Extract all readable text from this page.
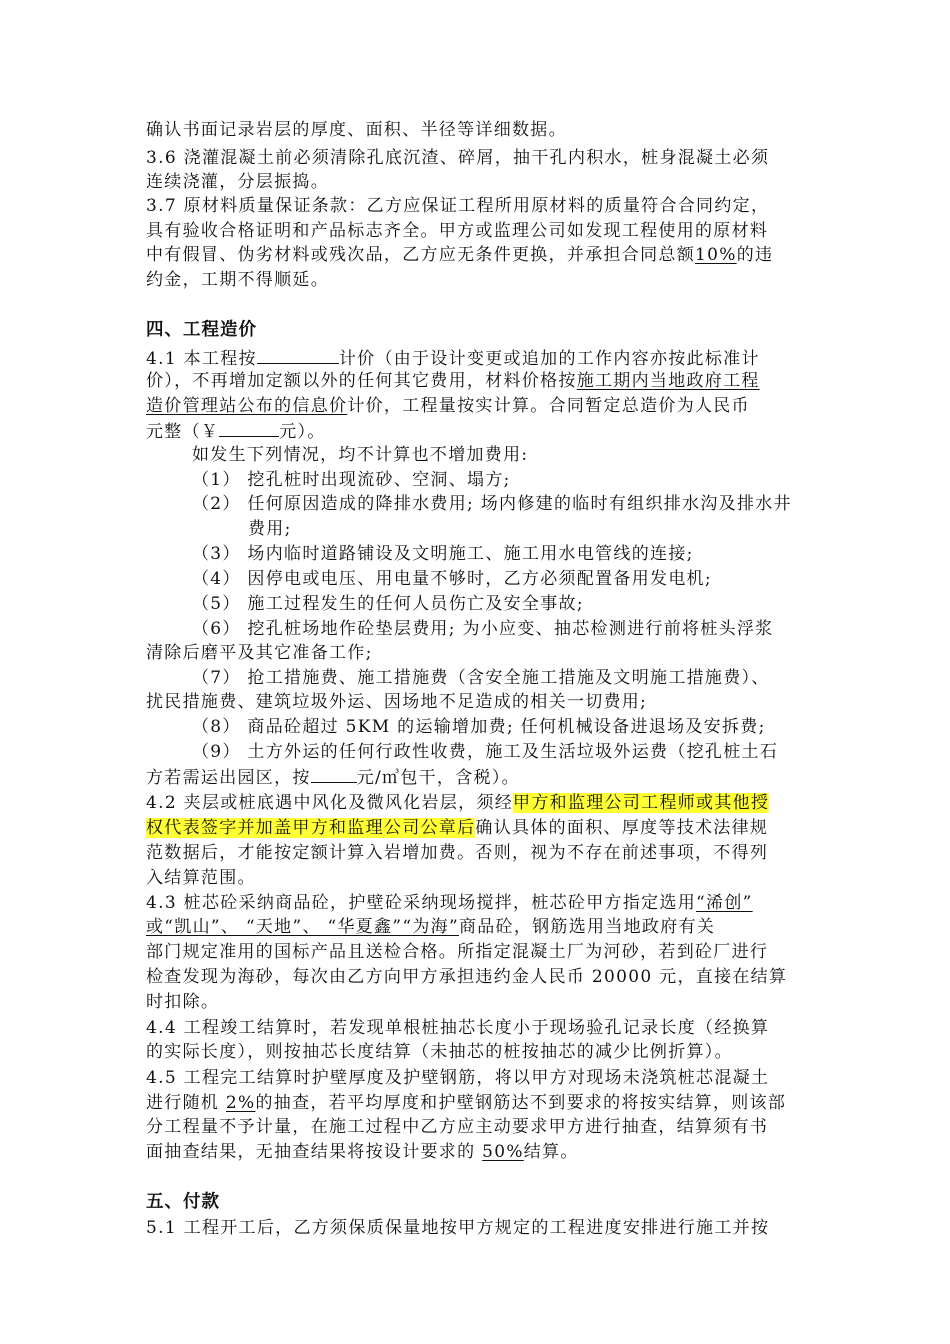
确认书面记录岩层的厚度、面积、半径等详细数据。
3.6 浇灌混凝土前必须清除孔底沉渣、碎屑，抽干孔内积水，桩身混凝土必须
连续浇灌，分层振捣。
3.7 原材料质量保证条款：乙方应保证工程所用原材料的质量符合合同约定，
具有验收合格证明和产品标志齐全。甲方或监理公司如发现工程使用的原材料
中有假冒、伪劣材料或残次品，乙方应无条件更换，并承担合同总额10%的违
约金，工期不得顺延。
四、工程造价
4.1 本工程按	计价（由于设计变更或追加的工作内容亦按此标准计
价），不再增加定额以外的任何其它费用，材料价格按施工期内当地政府工程
造价管理站公布的信息价计价，工程量按实计算。合同暂定总造价为人民币
元整（￥	元）。
如发生下列情况，均不计算也不增加费用:
（1） 挖孔桩时出现流砂、空洞、塌方;
（2） 任何原因造成的降排水费用; 场内修建的临时有组织排水沟及排水井
费用;
（3） 场内临时道路铺设及文明施工、施工用水电管线的连接;
（4） 因停电或电压、用电量不够时，乙方必须配置备用发电机;
（5） 施工过程发生的任何人员伤亡及安全事故;
（6） 挖孔桩场地作砼垫层费用; 为小应变、抽芯检测进行前将桩头浮浆
清除后磨平及其它准备工作;
（7） 抢工措施费、施工措施费（含安全施工措施及文明施工措施费）、
扰民措施费、建筑垃圾外运、因场地不足造成的相关一切费用;
（8） 商品砼超过 5KM 的运输增加费; 任何机械设备进退场及安拆费;
（9） 土方外运的任何行政性收费，施工及生活垃圾外运费（挖孔桩土石
方若需运出园区，按	元/㎥包干，含税）。
4.2 夹层或桩底遇中风化及微风化岩层，须经甲方和监理公司工程师或其他授
权代表签字并加盖甲方和监理公司公章后确认具体的面积、厚度等技术法律规
范数据后，才能按定额计算入岩增加费。否则，视为不存在前述事项，不得列
入结算范围。
4.3 桩芯砼采纳商品砼，护壁砼采纳现场搅拌，桩芯砼甲方指定选用“浠创”
或“凯山”、 “天地”、 “华夏鑫”“为海”商品砼，钢筋选用当地政府有关
部门规定准用的国标产品且送检合格。所指定混凝土厂为河砂，若到砼厂进行
检查发现为海砂，每次由乙方向甲方承担违约金人民币 20000 元，直接在结算
时扣除。
4.4 工程竣工结算时，若发现单根桩抽芯长度小于现场验孔记录长度（经换算
的实际长度），则按抽芯长度结算（未抽芯的桩按抽芯的减少比例折算）。
4.5 工程完工结算时护壁厚度及护壁钢筋，将以甲方对现场未浇筑桩芯混凝土
进行随机 2%的抽查，若平均厚度和护壁钢筋达不到要求的将按实结算，则该部
分工程量不予计量，在施工过程中乙方应主动要求甲方进行抽查，结算须有书
面抽查结果，无抽查结果将按设计要求的 50%结算。
五、付款
5.1 工程开工后，乙方须保质保量地按甲方规定的工程进度安排进行施工并按
